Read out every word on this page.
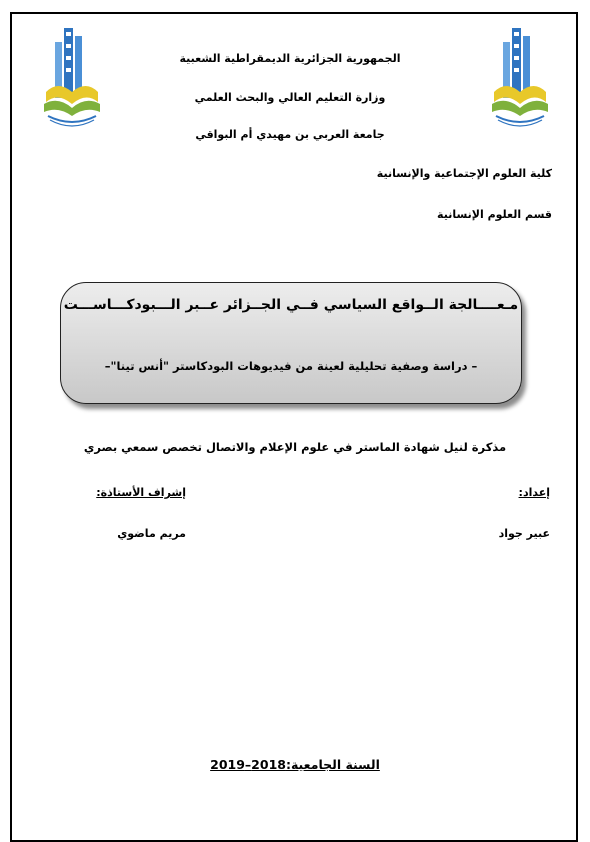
الجمهورية الجزائرية الديمقراطية الشعبية
وزارة التعليم العالي والبحث العلمي
جامعة العربي بن مهيدي أم البواقي
كلية العلوم الإجتماعية والإنسانية
قسم العلوم الإنسانية
مـعــــالجة الــواقع السياسي فــي الجــزائر عــبر الـــبودكـــاســـت
– دراسة وصفية تحليلية لعينة من فيديوهات البودكاستر "أنس تينا"–
مذكرة لنيل شهادة الماستر في علوم الإعلام والاتصال تخصص سمعي بصري
إعداد:
إشراف الأستاذة:
عبير جواد
مريم ماضوي
السنة الجامعية:2018–2019
